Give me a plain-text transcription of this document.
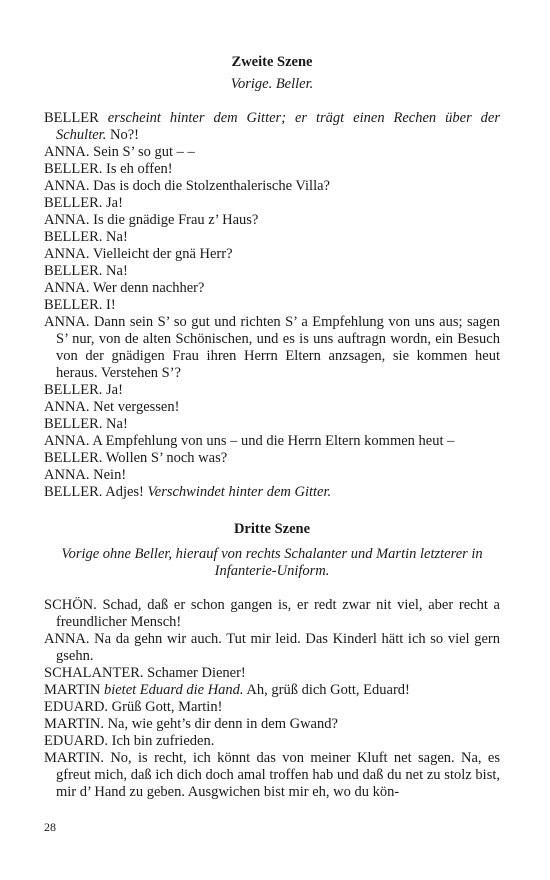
Zweite Szene
Vorige. Beller.

BELLER erscheint hinter dem Gitter; er trägt einen Rechen über der Schulter. No?!

ANNA. Sein S’ so gut – –

BELLER. Is eh offen!

ANNA. Das is doch die Stolzenthalerische Villa?

BELLER. Ja!

ANNA. Is die gnädige Frau z’ Haus?

BELLER. Na!

ANNA. Vielleicht der gnä Herr?

BELLER. Na!

ANNA. Wer denn nachher?

BELLER. I!

ANNA. Dann sein S’ so gut und richten S’ a Empfehlung von uns aus; sagen S’ nur, von de alten Schönischen, und es is uns auftragn wordn, ein Besuch von der gnädigen Frau ihren Herrn Eltern anzsagen, sie kommen heut heraus. Verstehen S’?

BELLER. Ja!

ANNA. Net vergessen!

BELLER. Na!

ANNA. A Empfehlung von uns – und die Herrn Eltern kommen heut –

BELLER. Wollen S’ noch was?

ANNA. Nein!

BELLER. Adjes! Verschwindet hinter dem Gitter.

Dritte Szene
Vorige ohne Beller, hierauf von rechts Schalanter und Martin letzterer in Infanterie-Uniform.

SCHÖN. Schad, daß er schon gangen is, er redt zwar nit viel, aber recht a freundlicher Mensch!

ANNA. Na da gehn wir auch. Tut mir leid. Das Kinderl hätt ich so viel gern gsehn.

SCHALANTER. Schamer Diener!

MARTIN bietet Eduard die Hand. Ah, grüß dich Gott, Eduard!

EDUARD. Grüß Gott, Martin!

MARTIN. Na, wie geht’s dir denn in dem Gwand?

EDUARD. Ich bin zufrieden.

MARTIN. No, is recht, ich könnt das von meiner Kluft net sagen. Na, es gfreut mich, daß ich dich doch amal troffen hab und daß du net zu stolz bist, mir d’ Hand zu geben. Ausgwichen bist mir eh, wo du kön-

28
